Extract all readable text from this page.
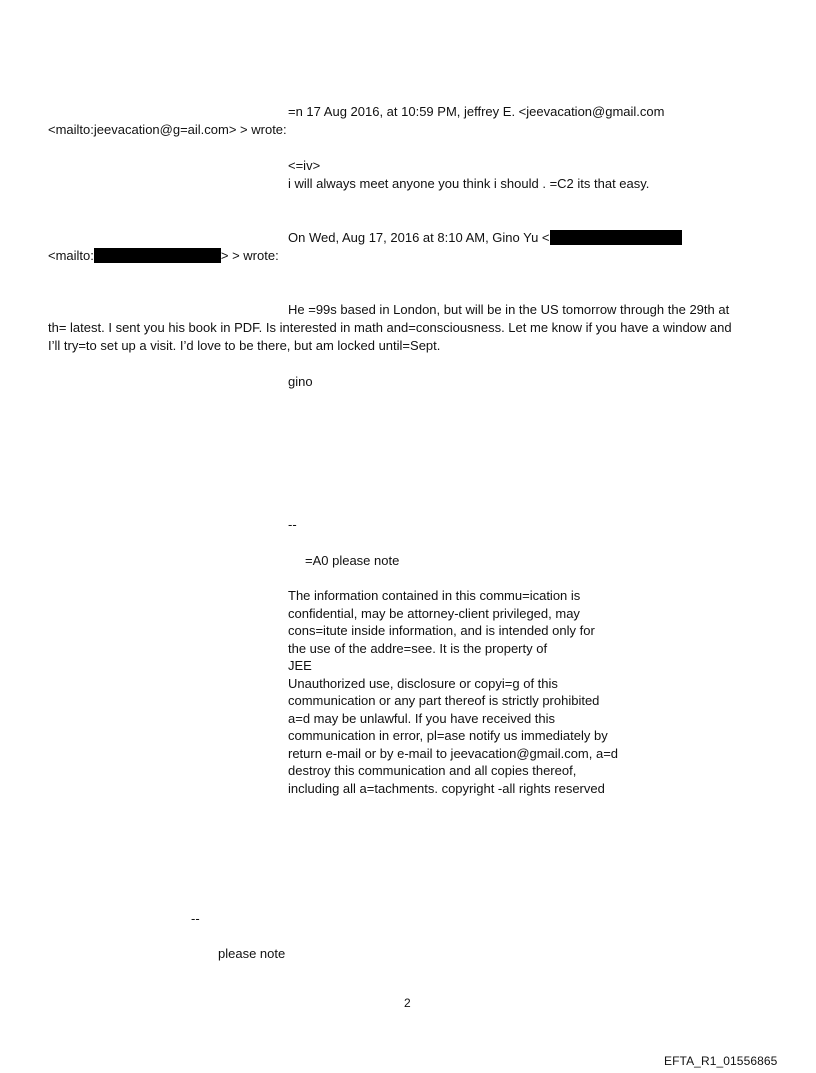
=n 17 Aug 2016, at 10:59 PM, jeffrey E. <jeevacation@gmail.com
<mailto:jeevacation@g=ail.com> > wrote:
<=iv>
i will always meet anyone you think i should . =C2 its that easy.
On Wed, Aug 17, 2016 at 8:10 AM, Gino Yu <
<mailto:	> > wrote:
He =99s based in London, but will be in the US tomorrow through the 29th at
th= latest. I sent you his book in PDF. Is interested in math and=consciousness. Let me know if you have a window and
I’ll try=to set up a visit. I’d love to be there, but am locked until=Sept.
gino
--
=A0 please note
The information contained in this commu=ication is
confidential, may be attorney-client privileged, may
cons=itute inside information, and is intended only for
the use of the addre=see. It is the property of
JEE
Unauthorized use, disclosure or copyi=g of this
communication or any part thereof is strictly prohibited
a=d may be unlawful. If you have received this
communication in error, pl=ase notify us immediately by
return e-mail or by e-mail to jeevacation@gmail.com, a=d
destroy this communication and all copies thereof,
including all a=tachments. copyright -all rights reserved
--
please note
2
EFTA_R1_01556865
